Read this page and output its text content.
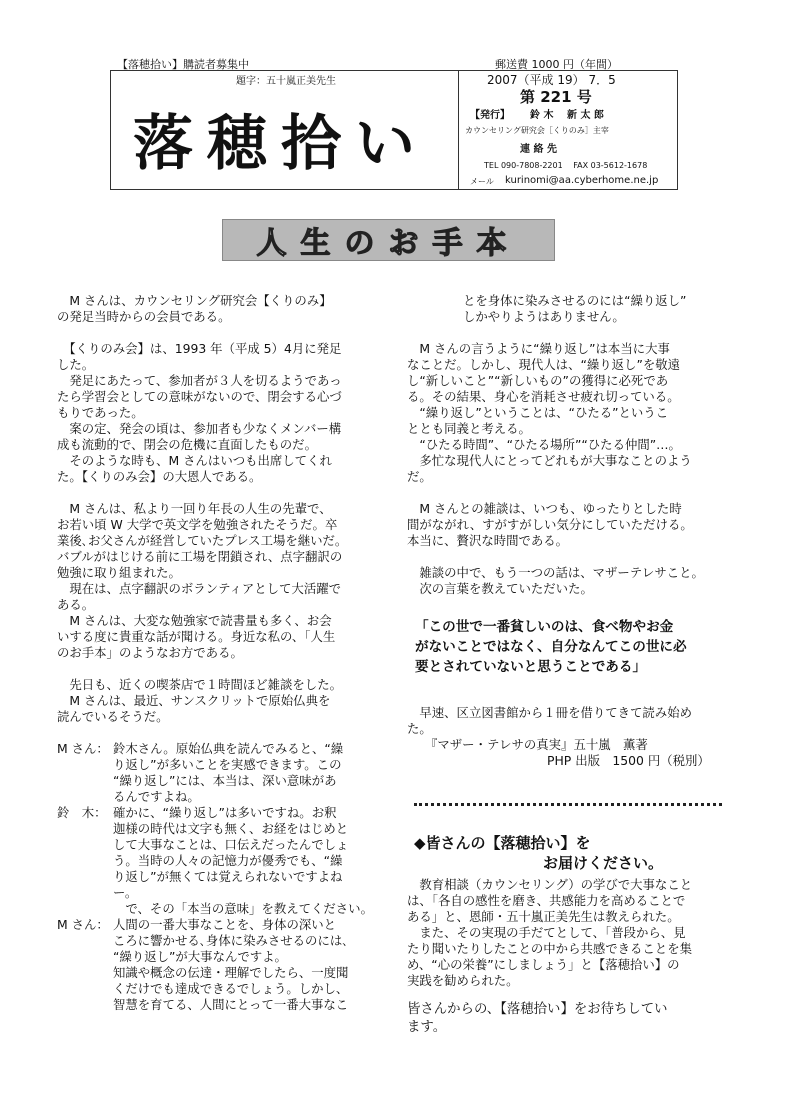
【落穂拾い】購読者募集中	郵送費 1000 円（年間）
題字：五十嵐正美先生
落穂拾い
2007（平成 19） 7．5
第 221 号
【発行】 鈴 木　 新 太 郎
カウンセリング研究会［くりのみ］主宰
連 絡 先
TEL 090-7808-2201　 FAX 03-5612-1678
メール kurinomi@aa.cyberhome.ne.jp
人生のお手本
　M さんは、カウンセリング研究会【くりのみ】
の発足当時からの会員である。
　【くりのみ会】は、1993 年（平成 5）4月に発足
した。
　発足にあたって、参加者が３人を切るようであっ
たら学習会としての意味がないので、閉会する心づ
もりであった。
　案の定、発会の頃は、参加者も少なくメンバー構
成も流動的で、閉会の危機に直面したものだ。
　そのような時も、M さんはいつも出席してくれ
た。【くりのみ会】の大恩人である。
　M さんは、私より一回り年長の人生の先輩で、
お若い頃 W 大学で英文学を勉強されたそうだ。卒
業後､お父さんが経営していたプレス工場を継いだ｡
バブルがはじける前に工場を閉鎖され、点字翻訳の
勉強に取り組まれた。
　現在は、点字翻訳のボランティアとして大活躍で
ある。
　M さんは、大変な勉強家で読書量も多く、お会
いする度に貴重な話が聞ける。身近な私の、「人生
のお手本」のようなお方である。
　先日も、近くの喫茶店で１時間ほど雑談をした。
　M さんは、最近、サンスクリットで原始仏典を
読んでいるそうだ。
M さん： 鈴木さん。原始仏典を読んでみると、“繰
り返し”が多いことを実感できます。この
“繰り返し”には、本当は、深い意味があ
るんですよね。
鈴　木： 確かに、“繰り返し”は多いですね。お釈
迦様の時代は文字も無く、お経をはじめと
して大事なことは、口伝えだったんでしょ
う。当時の人々の記憶力が優秀でも、“繰
り返し”が無くては覚えられないですよね
ー。
　で、その「本当の意味」を教えてください。
M さん： 人間の一番大事なことを、身体の深いと
ころに響かせる､身体に染みさせるのには､
“繰り返し”が大事なんですよ。
知識や概念の伝達・理解でしたら、一度聞
くだけでも達成できるでしょう。しかし、
智慧を育てる、人間にとって一番大事なこ
とを身体に染みさせるのには“繰り返し”
しかやりようはありません。
　M さんの言うように“繰り返し”は本当に大事
なことだ。しかし、現代人は、“繰り返し”を敬遠
し“新しいこと”“新しいもの”の獲得に必死であ
る。その結果、身心を消耗させ疲れ切っている。
　“繰り返し”ということは、“ひたる”というこ
ととも同義と考える。
　“ひたる時間”、“ひたる場所”“ひたる仲間”…。
　多忙な現代人にとってどれもが大事なことのよう
だ。
　M さんとの雑談は、いつも、ゆったりとした時
間がながれ、すがすがしい気分にしていただける。
本当に、贅沢な時間である。
　雑談の中で、もう一つの話は、マザーテレサこと。
　次の言葉を教えていただいた。
「この世で一番貧しいのは、食べ物やお金
がないことではなく、自分なんてこの世に必
要とされていないと思うことである」
　早速、区立図書館から１冊を借りてきて読み始め
た。
『マザー・テレサの真実』五十嵐　薫著
PHP 出版　1500 円（税別）
◆皆さんの【落穂拾い】を
お届けください。
　教育相談（カウンセリング）の学びで大事なこと
は、「各自の感性を磨き、共感能力を高めることで
ある」と、恩師・五十嵐正美先生は教えられた。
　また、その実現の手だてとして、「普段から、見
たり聞いたりしたことの中から共感できることを集
め、“心の栄養”にしましょう」と【落穂拾い】の
実践を勧められた。
皆さんからの、【落穂拾い】をお待ちしてい
ます。
